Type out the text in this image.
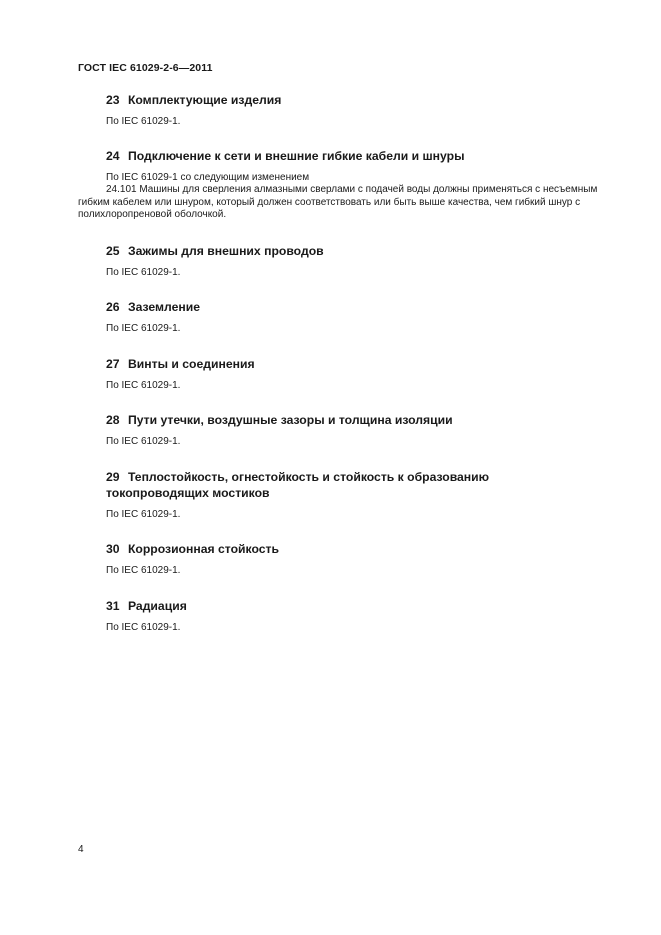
ГОСТ IEC 61029-2-6—2011
23 Комплектующие изделия

По IEC 61029-1.

24 Подключение к сети и внешние гибкие кабели и шнуры

По IEC 61029-1 со следующим изменением

24.101 Машины для сверления алмазными сверлами с подачей воды должны применяться с несъемным гибким кабелем или шнуром, который должен соответствовать или быть выше качества, чем гибкий шнур с полихлоропреновой оболочкой.

25 Зажимы для внешних проводов

По IEC 61029-1.

26 Заземление

По IEC 61029-1.

27 Винты и соединения

По IEC 61029-1.

28 Пути утечки, воздушные зазоры и толщина изоляции

По IEC 61029-1.

29 Теплостойкость, огнестойкость и стойкость к образованию токопроводящих мостиков

По IEC 61029-1.

30 Коррозионная стойкость

По IEC 61029-1.

31 Радиация

По IEC 61029-1.

4
